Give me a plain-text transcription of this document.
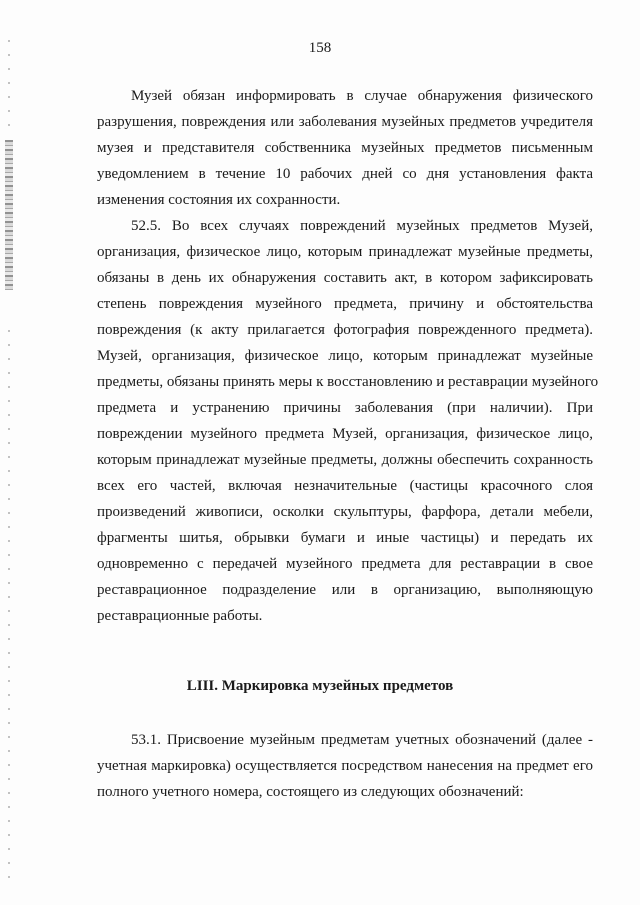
158
Музей обязан информировать в случае обнаружения физического
разрушения, повреждения или заболевания музейных предметов учредителя
музея и представителя собственника музейных предметов письменным
уведомлением в течение 10 рабочих дней со дня установления факта
изменения состояния их сохранности.
52.5. Во всех случаях повреждений музейных предметов Музей,
организация, физическое лицо, которым принадлежат музейные предметы,
обязаны в день их обнаружения составить акт, в котором зафиксировать
степень повреждения музейного предмета, причину и обстоятельства
повреждения (к акту прилагается фотография поврежденного предмета).
Музей, организация, физическое лицо, которым принадлежат музейные
предметы, обязаны принять меры к восстановлению и реставрации музейного
предмета и устранению причины заболевания (при наличии). При
повреждении музейного предмета Музей, организация, физическое лицо,
которым принадлежат музейные предметы, должны обеспечить сохранность
всех его частей, включая незначительные (частицы красочного слоя
произведений живописи, осколки скульптуры, фарфора, детали мебели,
фрагменты шитья, обрывки бумаги и иные частицы) и передать их
одновременно с передачей музейного предмета для реставрации в свое
реставрационное подразделение или в организацию, выполняющую
реставрационные работы.
LIII. Маркировка музейных предметов
53.1. Присвоение музейным предметам учетных обозначений (далее -
учетная маркировка) осуществляется посредством нанесения на предмет его
полного учетного номера, состоящего из следующих обозначений:
